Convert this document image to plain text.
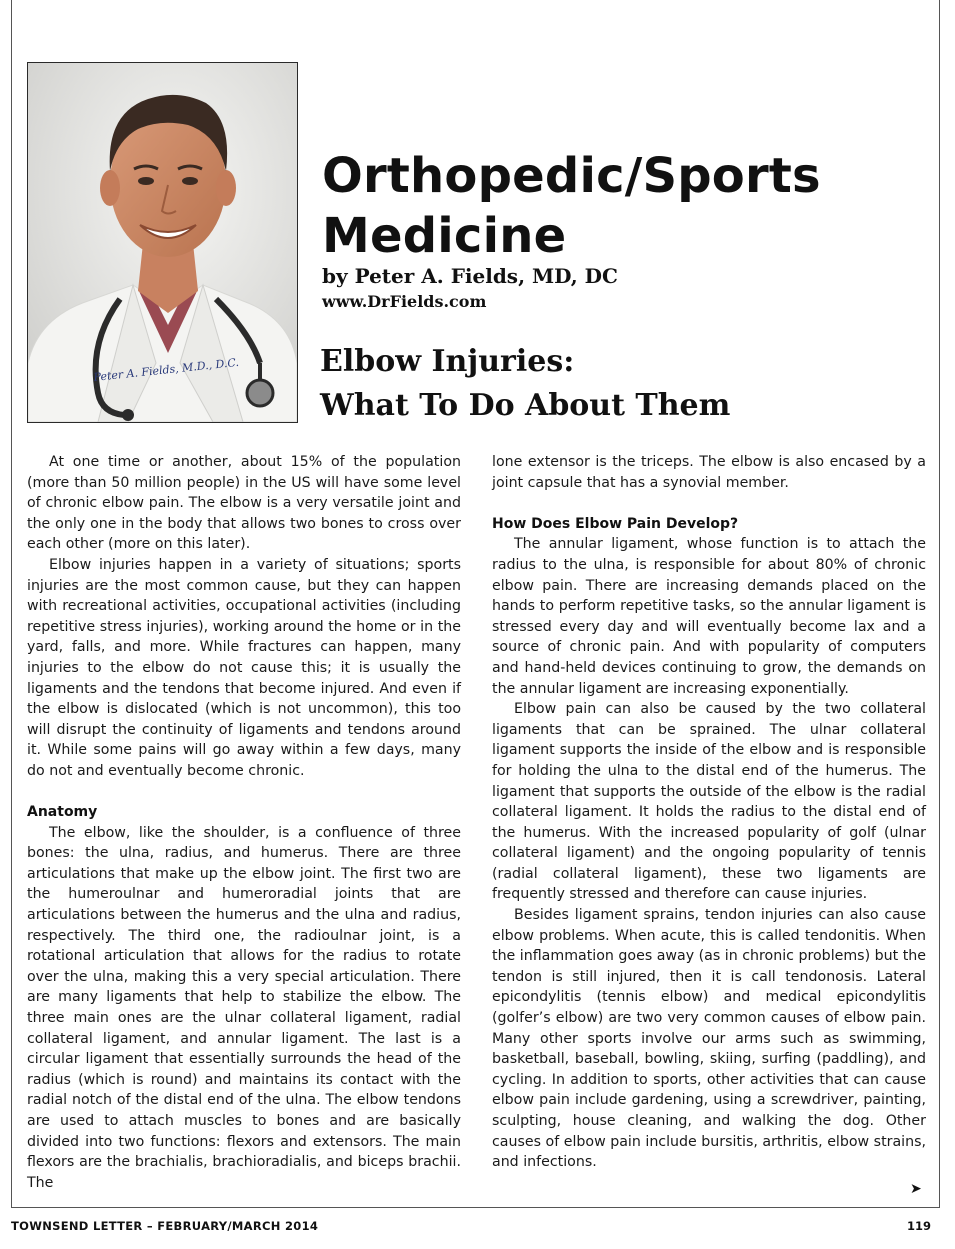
Peter A. Fields, M.D., D.C.
Orthopedic/Sports Medicine

by Peter A. Fields, MD, DC

www.DrFields.com

Elbow Injuries:
What To Do About Them

At one time or another, about 15% of the population (more than 50 million people) in the US will have some level of chronic elbow pain. The elbow is a very versatile joint and the only one in the body that allows two bones to cross over each other (more on this later).

Elbow injuries happen in a variety of situations; sports injuries are the most common cause, but they can happen with recreational activities, occupational activities (including repetitive stress injuries), working around the home or in the yard, falls, and more. While fractures can happen, many injuries to the elbow do not cause this; it is usually the ligaments and the tendons that become injured. And even if the elbow is dislocated (which is not uncommon), this too will disrupt the continuity of ligaments and tendons around it. While some pains will go away within a few days, many do not and eventually become chronic.

Anatomy

The elbow, like the shoulder, is a confluence of three bones: the ulna, radius, and humerus. There are three articulations that make up the elbow joint. The first two are the humeroulnar and humeroradial joints that are articulations between the humerus and the ulna and radius, respectively. The third one, the radioulnar joint, is a rotational articulation that allows for the radius to rotate over the ulna, making this a very special articulation. There are many ligaments that help to stabilize the elbow. The three main ones are the ulnar collateral ligament, radial collateral ligament, and annular ligament. The last is a circular ligament that essentially surrounds the head of the radius (which is round) and maintains its contact with the radial notch of the distal end of the ulna. The elbow tendons are used to attach muscles to bones and are basically divided into two functions: flexors and extensors. The main flexors are the brachialis, brachioradialis, and biceps brachii. The

lone extensor is the triceps. The elbow is also encased by a joint capsule that has a synovial member.

How Does Elbow Pain Develop?

The annular ligament, whose function is to attach the radius to the ulna, is responsible for about 80% of chronic elbow pain. There are increasing demands placed on the hands to perform repetitive tasks, so the annular ligament is stressed every day and will eventually become lax and a source of chronic pain. And with popularity of computers and hand-held devices continuing to grow, the demands on the annular ligament are increasing exponentially.

Elbow pain can also be caused by the two collateral ligaments that can be sprained. The ulnar collateral ligament supports the inside of the elbow and is responsible for holding the ulna to the distal end of the humerus. The ligament that supports the outside of the elbow is the radial collateral ligament. It holds the radius to the distal end of the humerus. With the increased popularity of golf (ulnar collateral ligament) and the ongoing popularity of tennis (radial collateral ligament), these two ligaments are frequently stressed and therefore can cause injuries.

Besides ligament sprains, tendon injuries can also cause elbow problems. When acute, this is called tendonitis. When the inflammation goes away (as in chronic problems) but the tendon is still injured, then it is call tendonosis. Lateral epicondylitis (tennis elbow) and medical epicondylitis (golfer’s elbow) are two very common causes of elbow pain. Many other sports involve our arms such as swimming, basketball, baseball, bowling, skiing, surfing (paddling), and cycling. In addition to sports, other activities that can cause elbow pain include gardening, using a screwdriver, painting, sculpting, house cleaning, and walking the dog. Other causes of elbow pain include bursitis, arthritis, elbow strains, and infections.

➤
TOWNSEND LETTER – FEBRUARY/MARCH 2014	119
